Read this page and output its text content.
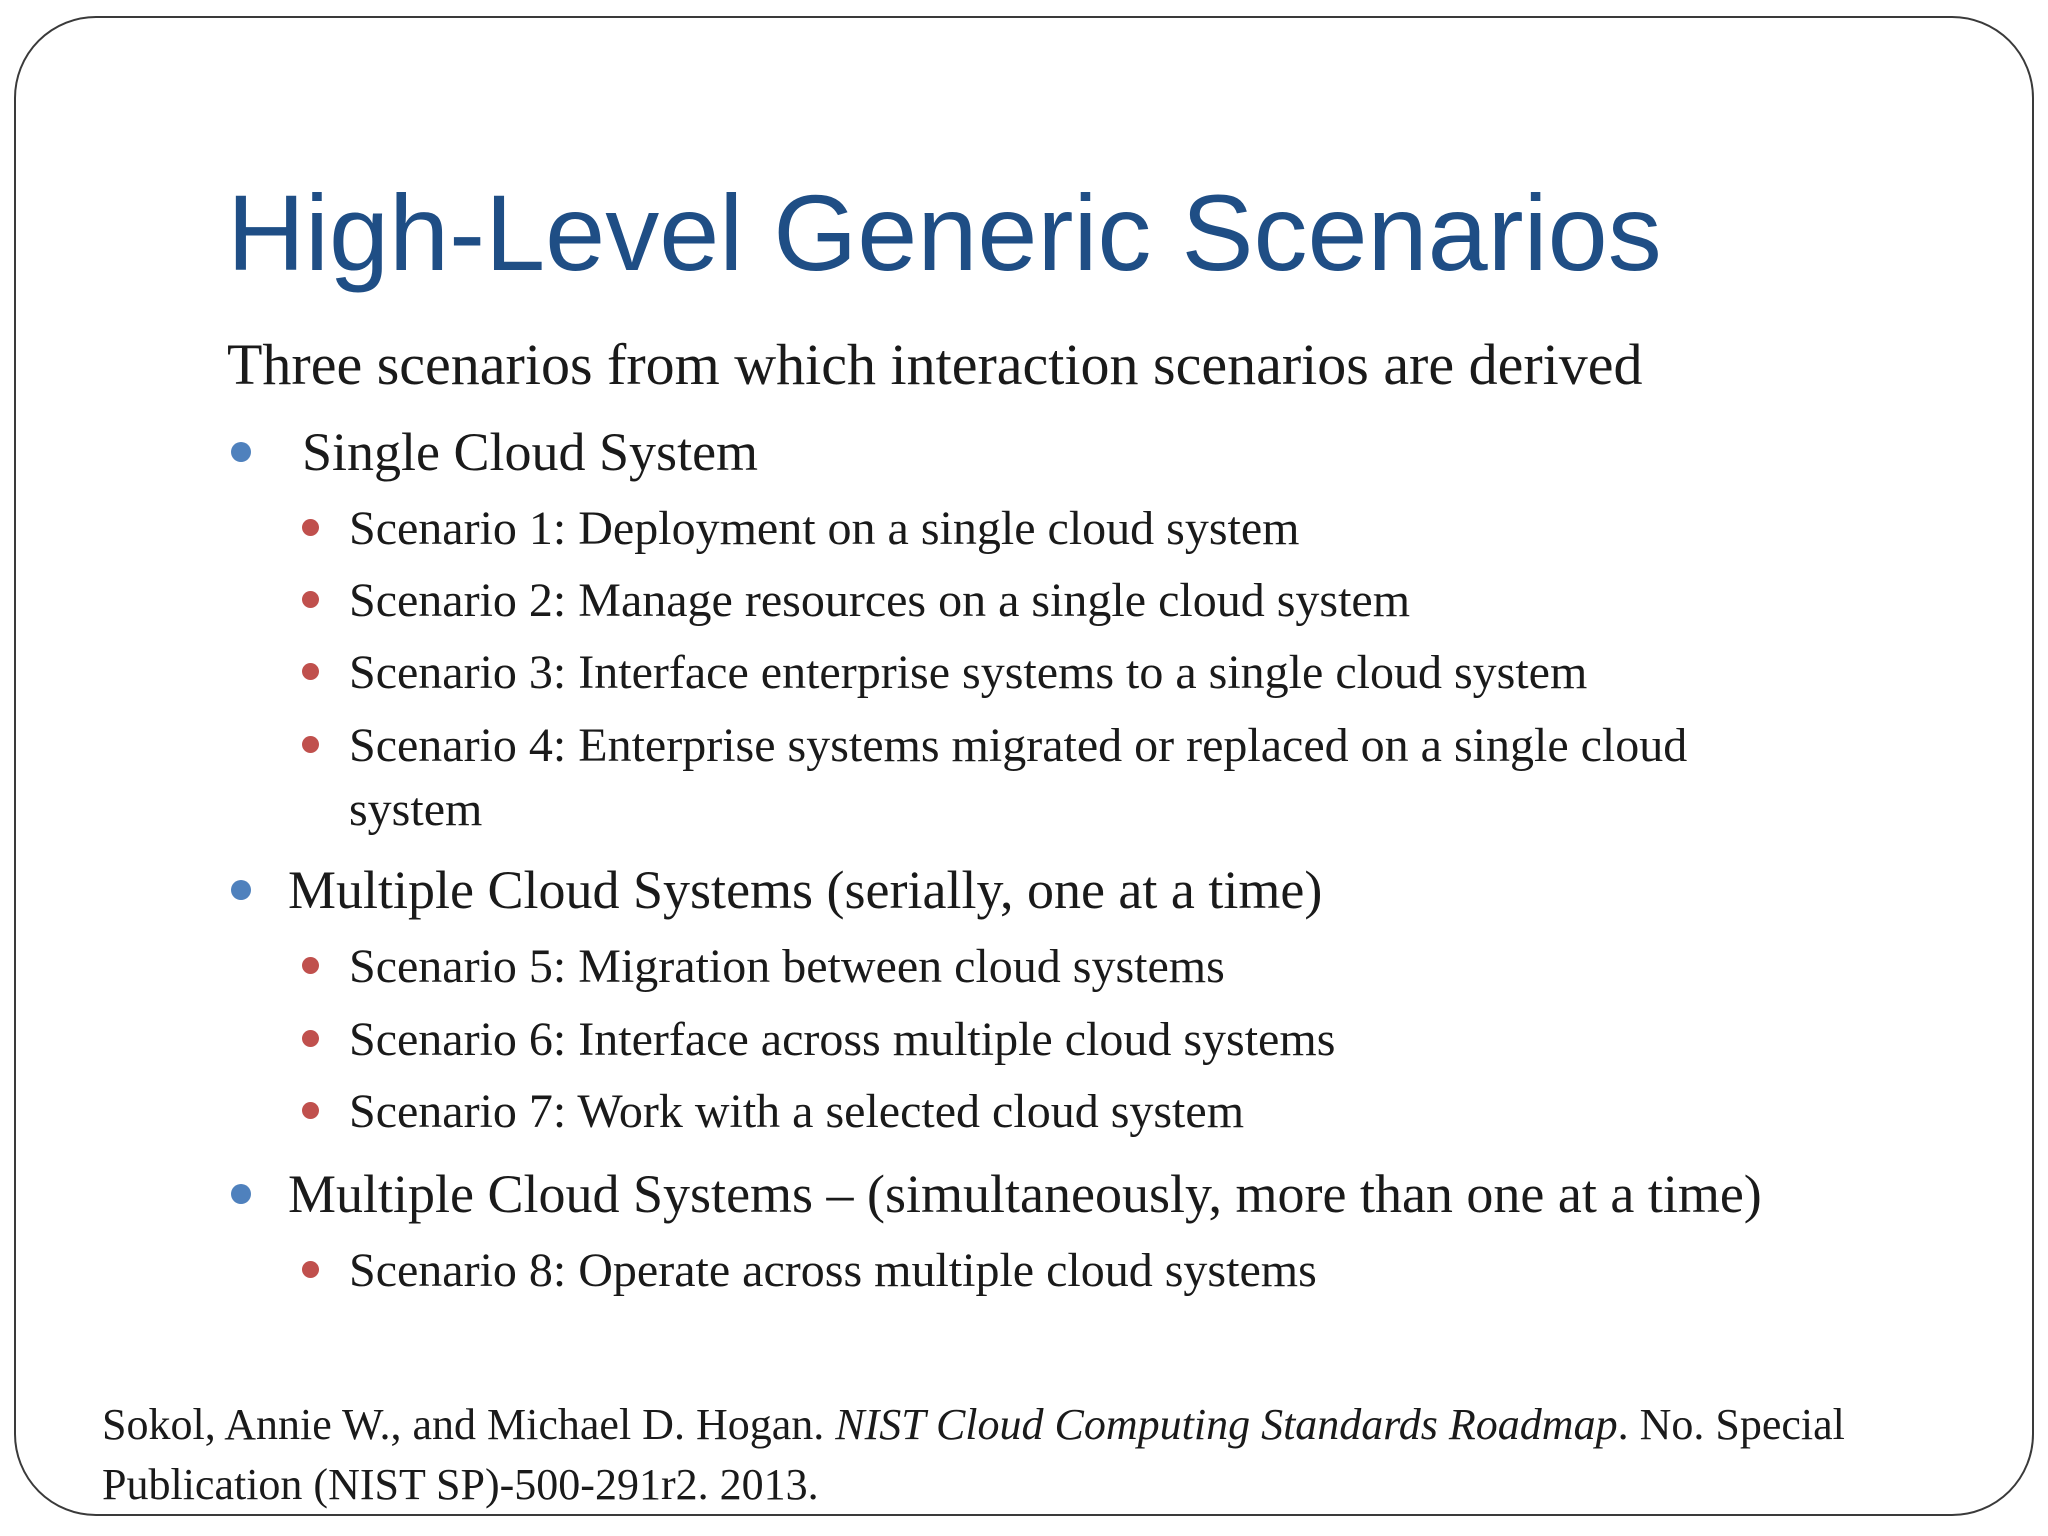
High-Level Generic Scenarios

Three scenarios from which interaction scenarios are derived

Single Cloud System
Scenario 1: Deployment on a single cloud system
Scenario 2: Manage resources on a single cloud system
Scenario 3: Interface enterprise systems to a single cloud system
Scenario 4: Enterprise systems migrated or replaced on a single cloud system
Multiple Cloud Systems (serially, one at a time)
Scenario 5: Migration between cloud systems
Scenario 6: Interface across multiple cloud systems
Scenario 7: Work with a selected cloud system
Multiple Cloud Systems – (simultaneously, more than one at a time)
Scenario 8: Operate across multiple cloud systems

Sokol, Annie W., and Michael D. Hogan. NIST Cloud Computing Standards Roadmap. No. Special Publication (NIST SP)-500-291r2. 2013.
